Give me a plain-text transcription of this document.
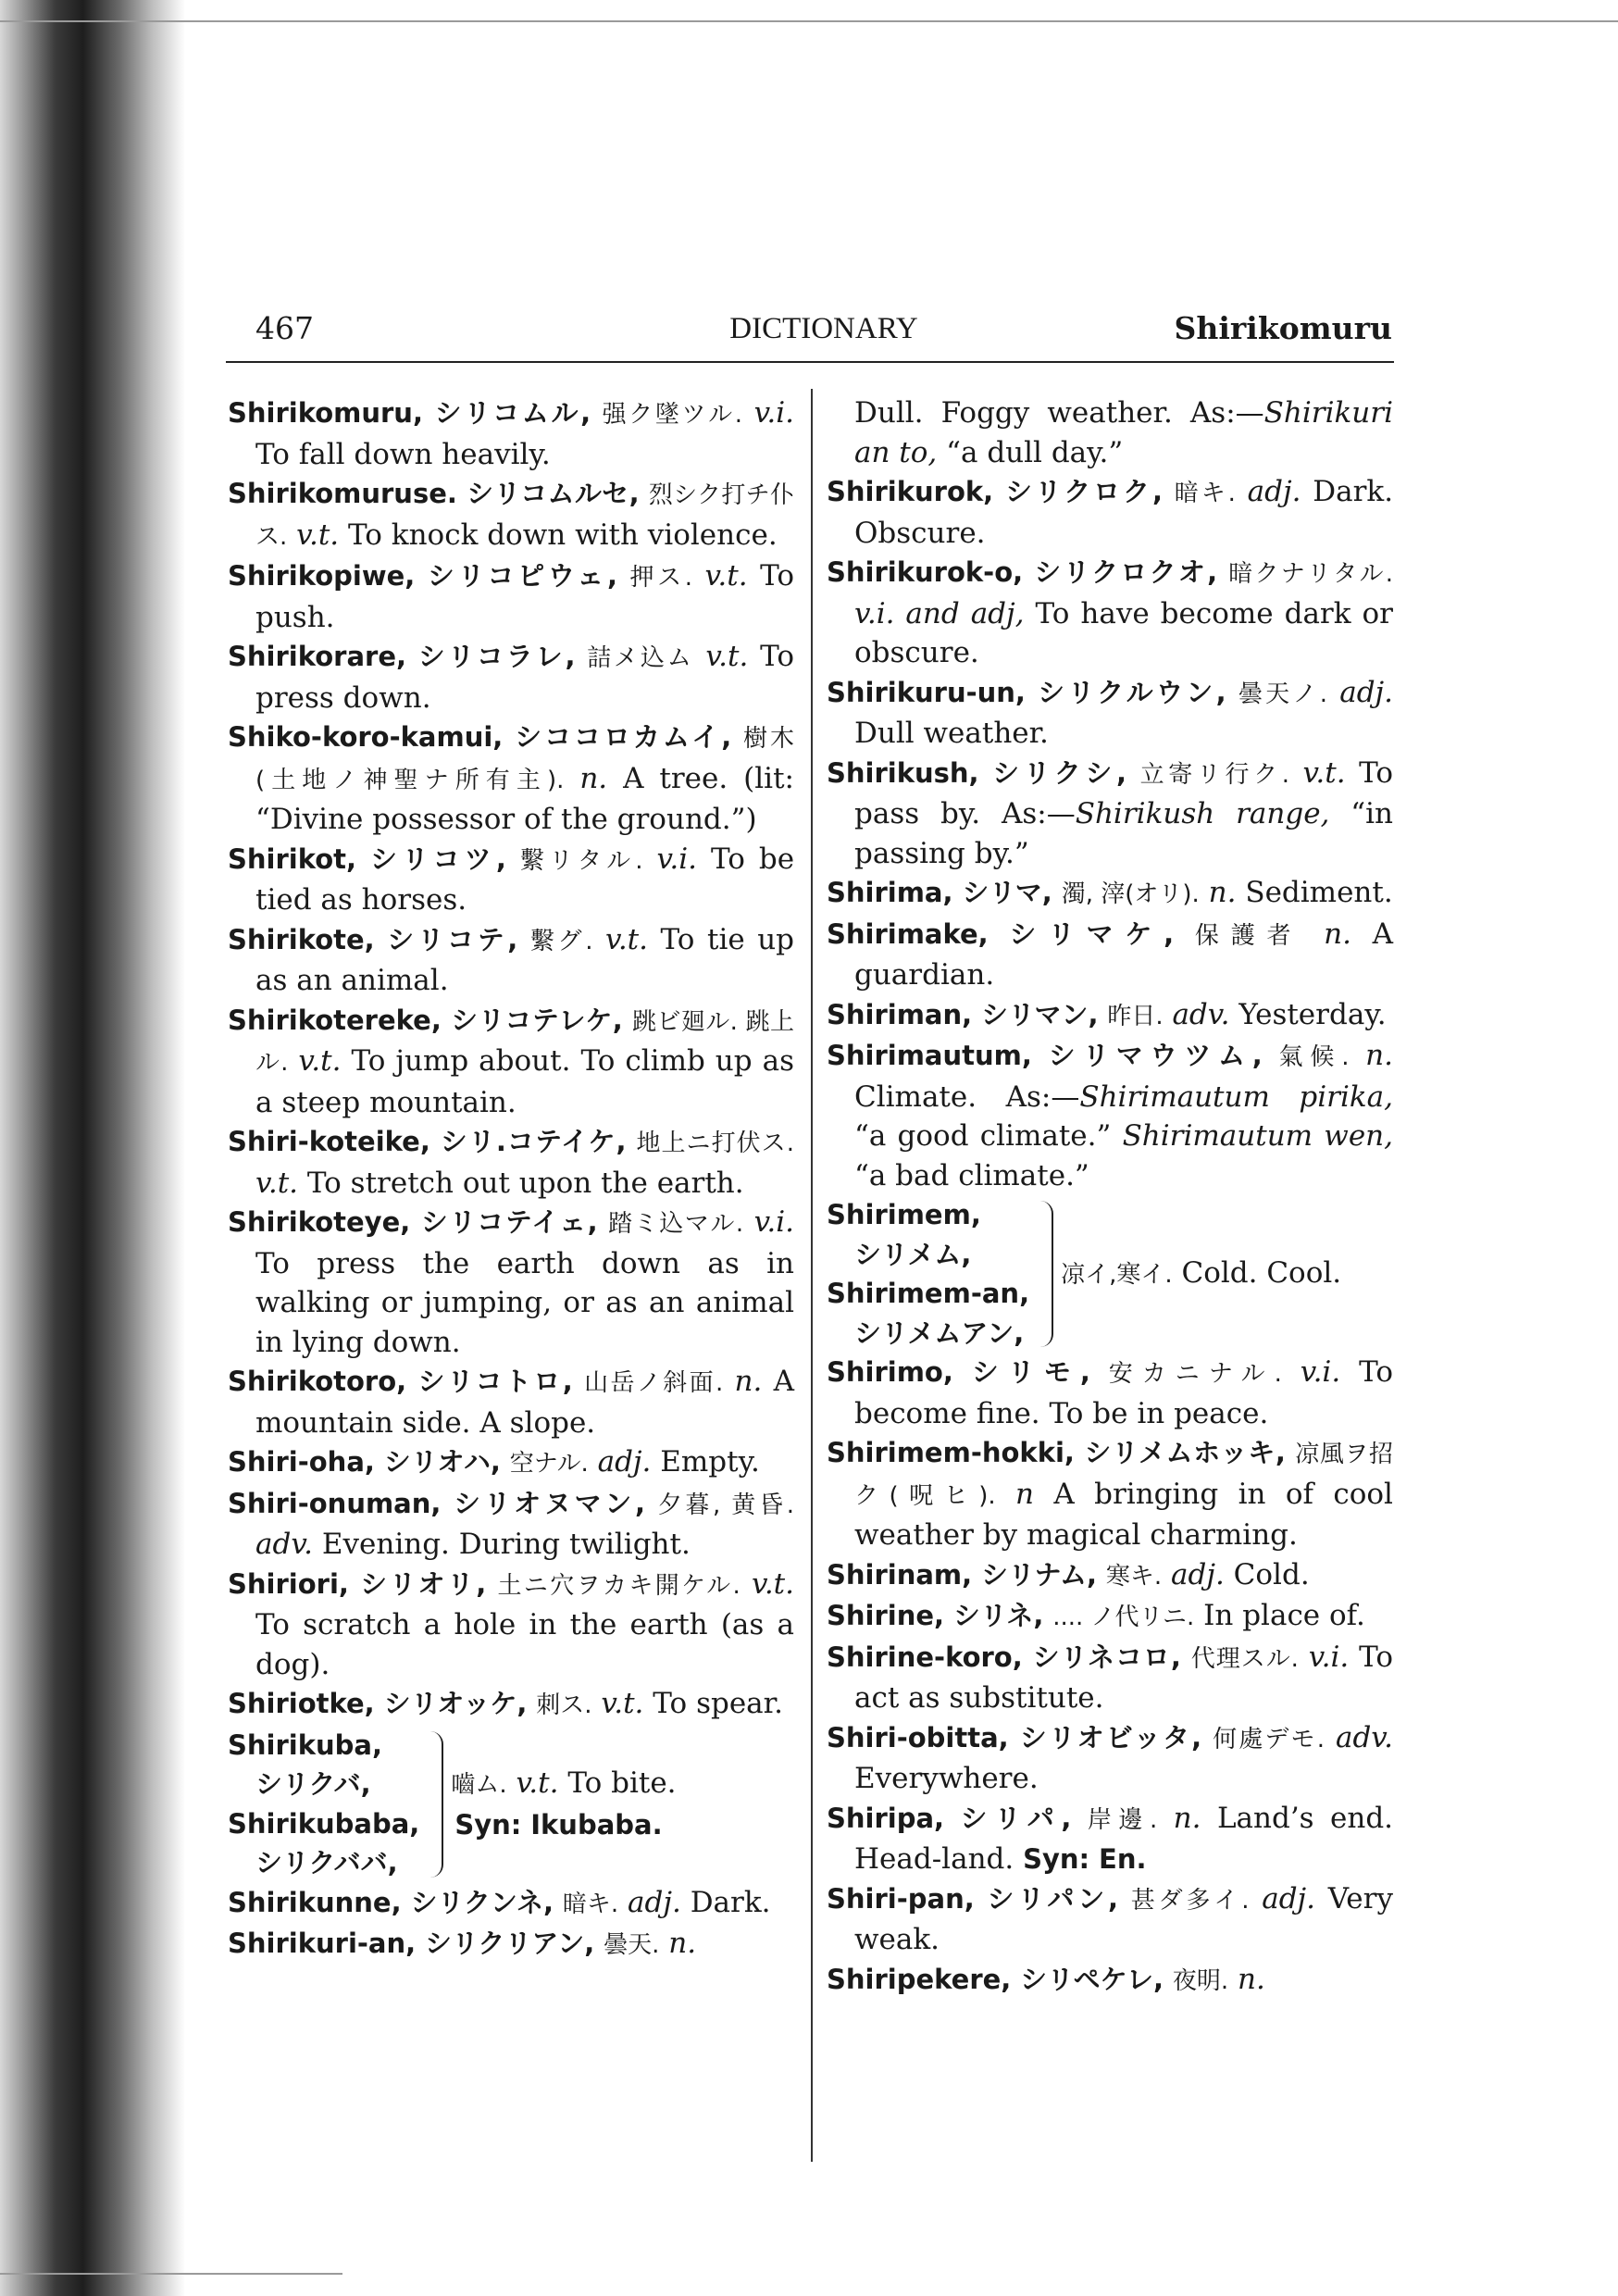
467	DICTIONARY	Shirikomuru

Shirikomuru, シリコムル, 强ク墜ツル. v.i. To fall down heavily.

Shirikomuruse. シリコムルセ, 烈シク打チ仆ス. v.t. To knock down with violence.

Shirikopiwe, シリコピウェ, 押ス. v.t. To push.

Shirikorare, シリコラレ, 詰メ込ム v.t. To press down.

Shiko-koro-kamui, シココロカムイ, 樹木(土地ノ神聖ナ所有主). n. A tree. (lit: “Divine possessor of the ground.”)

Shirikot, シリコツ, 繫リタル. v.i. To be tied as horses.

Shirikote, シリコテ, 繫グ. v.t. To tie up as an animal.

Shirikotereke, シリコテレケ, 跳ビ廻ル. 跳上ル. v.t. To jump about. To climb up as a steep mountain.

Shiri-koteike, シリ.コテイケ, 地上ニ打伏ス. v.t. To stretch out upon the earth.

Shirikoteye, シリコテイェ, 踏ミ込マル. v.i. To press the earth down as in walking or jumping, or as an animal in lying down.

Shirikotoro, シリコトロ, 山岳ノ斜面. n. A mountain side. A slope.

Shiri-oha, シリオハ, 空ナル. adj. Empty.

Shiri-onuman, シリオヌマン, 夕暮, 黄昏. adv. Evening. During twilight.

Shiriori, シリオリ, 土ニ穴ヲカキ開ケル. v.t. To scratch a hole in the earth (as a dog).

Shiriotke, シリオッケ, 刺ス. v.t. To spear.

Shirikuba,
シリクバ,
Shirikubaba,
シリクババ,
嚙ム. v.t. To bite.
Syn: Ikubaba.

Shirikunne, シリクンネ, 暗キ. adj. Dark.

Shirikuri-an, シリクリアン, 曇天. n.

Dull. Foggy weather. As:—Shirikuri an to, “a dull day.”

Shirikurok, シリクロク, 暗キ. adj. Dark. Obscure.

Shirikurok-o, シリクロクオ, 暗クナリタル. v.i. and adj, To have become dark or obscure.

Shirikuru-un, シリクルウン, 曇天ノ. adj. Dull weather.

Shirikush, シリクシ, 立寄リ行ク. v.t. To pass by. As:—Shirikush range, “in passing by.”

Shirima, シリマ, 濁, 滓(オリ). n. Sediment.

Shirimake, シリマケ, 保護者 n. A guardian.

Shiriman, シリマン, 昨日. adv. Yesterday.

Shirimautum, シリマウツム, 氣候. n. Climate. As:—Shirimautum pirika, “a good climate.” Shirimautum wen, “a bad climate.”

Shirimem,
シリメム,
Shirimem-an,
シリメムアン,
凉イ,寒イ. Cold. Cool.

Shirimo, シリモ, 安カニナル. v.i. To become fine. To be in peace.

Shirimem-hokki, シリメムホッキ, 凉風ヲ招ク(呪ヒ). n A bringing in of cool weather by magical charming.

Shirinam, シリナム, 寒キ. adj. Cold.

Shirine, シリネ, .... ノ代リニ. In place of.

Shirine-koro, シリネコロ, 代理スル. v.i. To act as substitute.

Shiri-obitta, シリオビッタ, 何處デモ. adv. Everywhere.

Shiripa, シリパ, 岸邊. n. Land’s end. Head-land. Syn: En.

Shiri-pan, シリパン, 甚ダ多イ. adj. Very weak.

Shiripekere, シリペケレ, 夜明. n.
